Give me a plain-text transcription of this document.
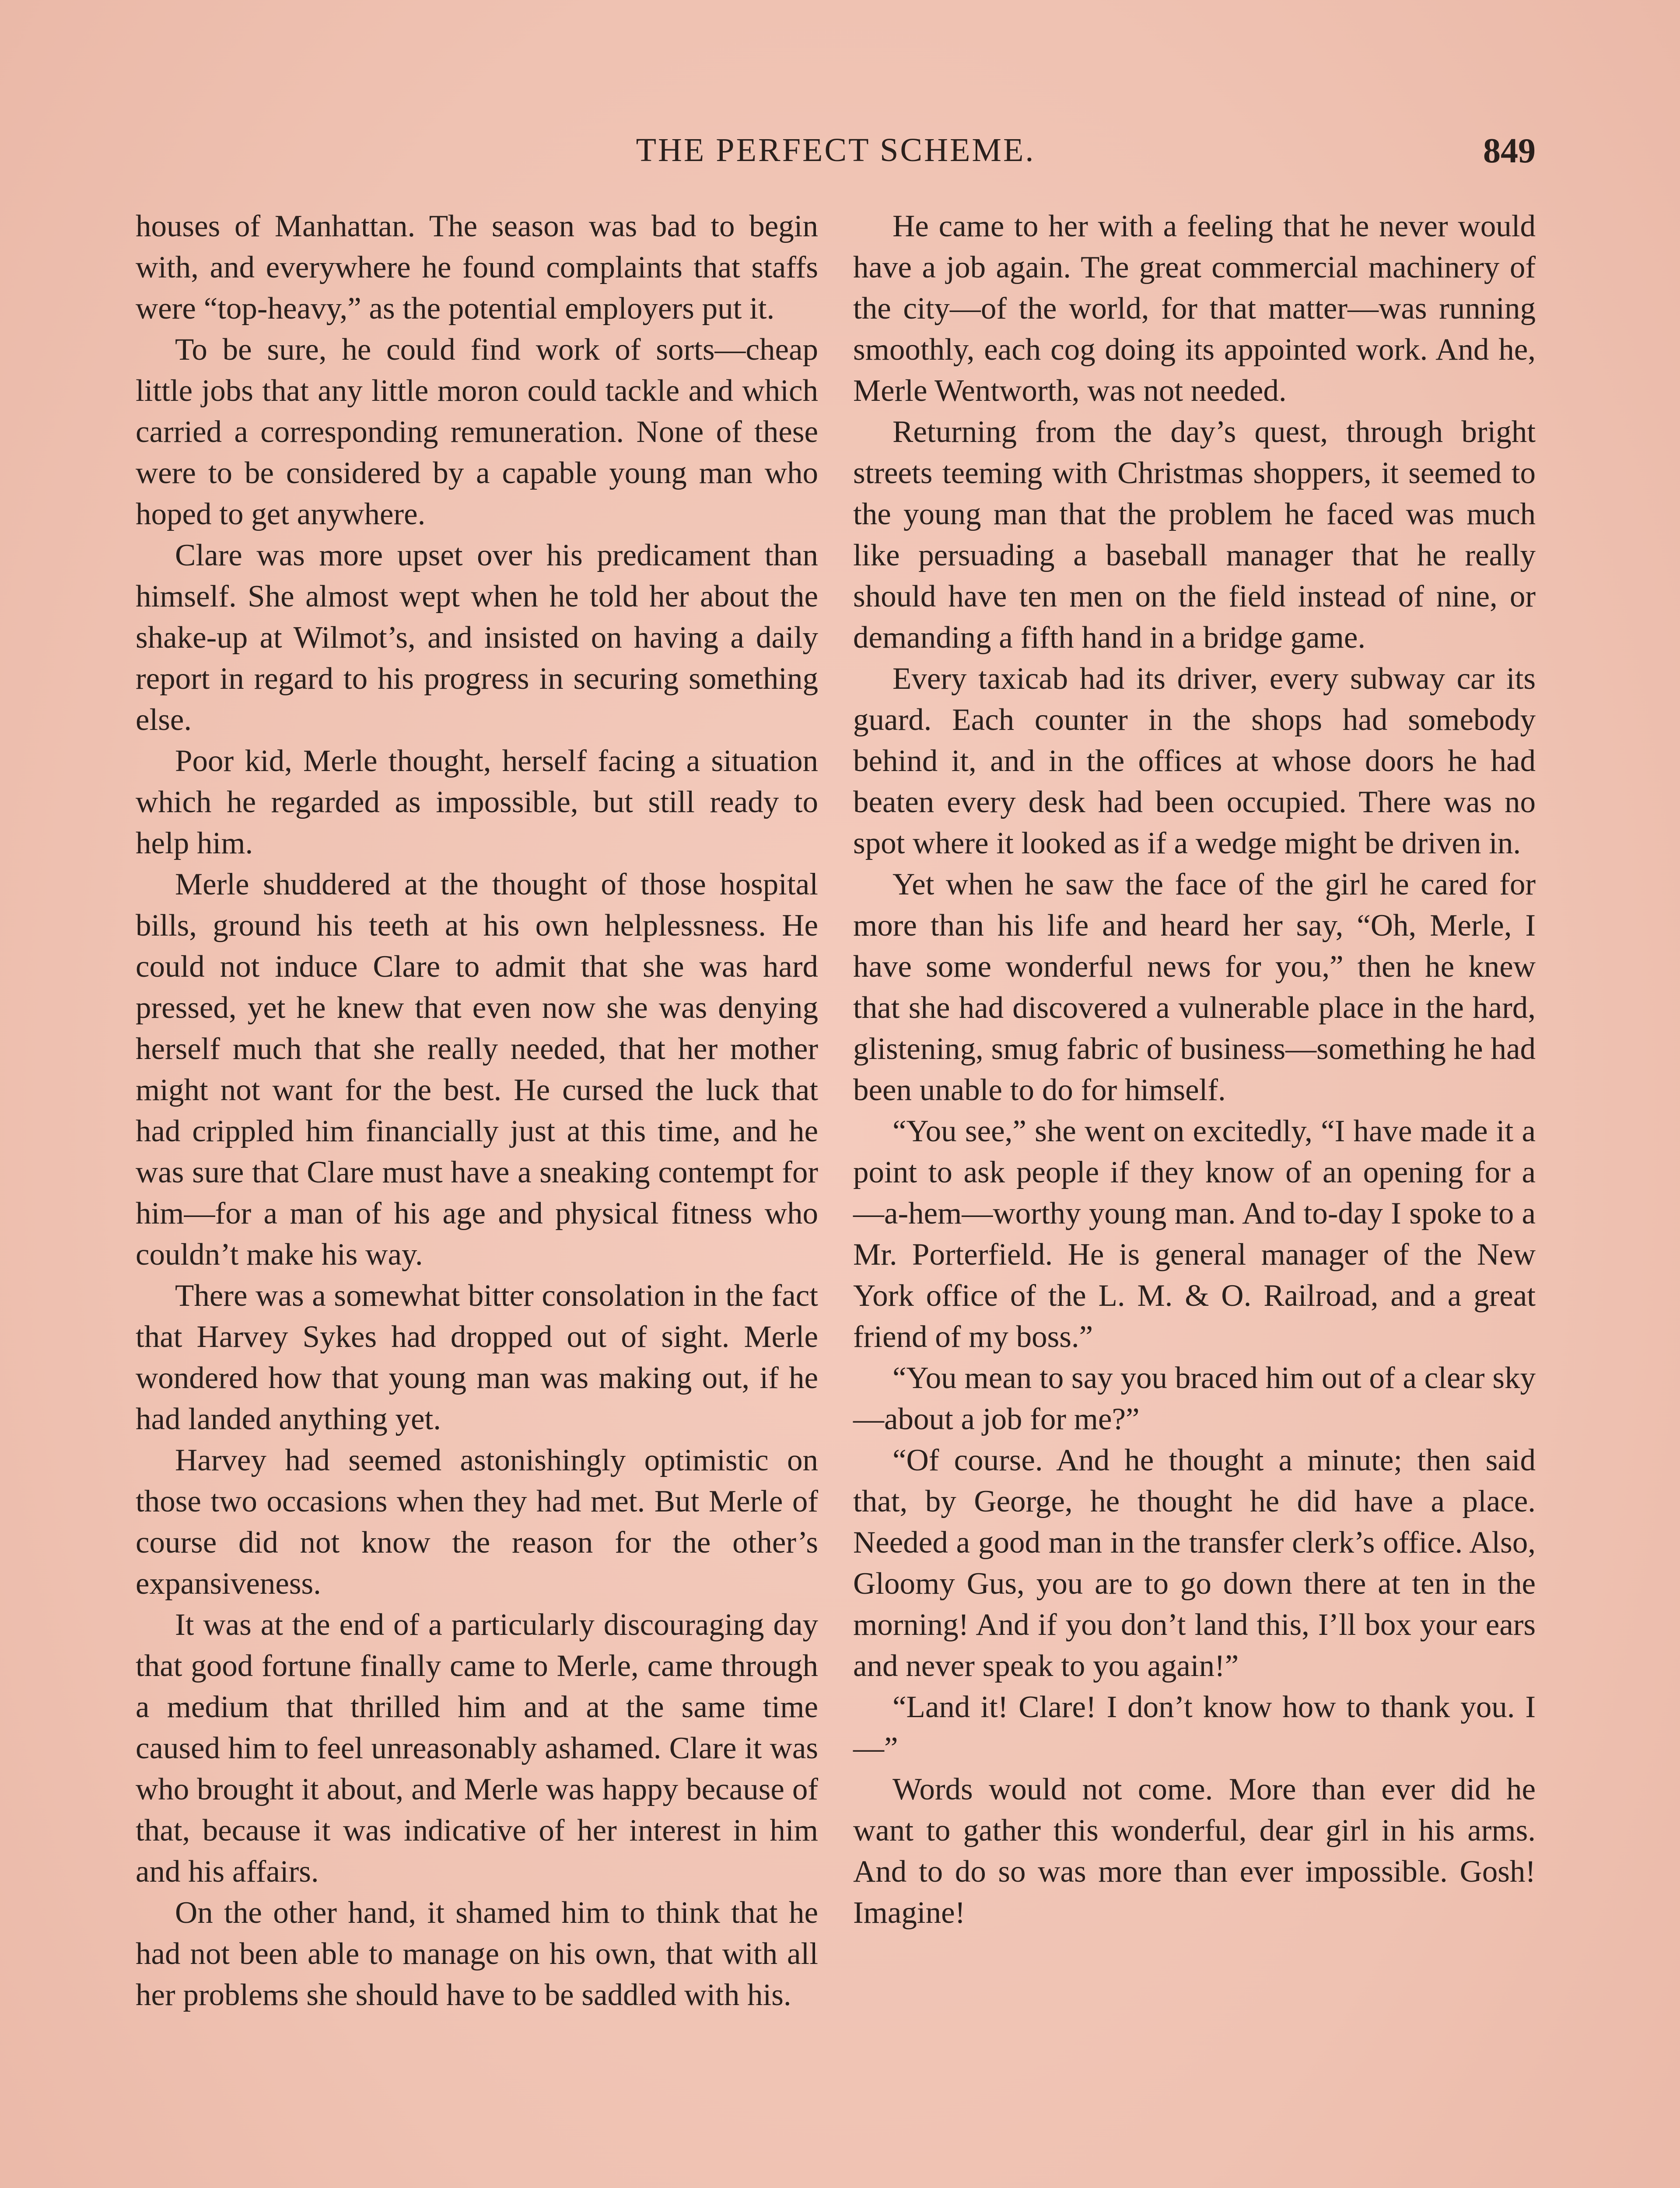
THE PERFECT SCHEME.	849

houses of Manhattan. The season was bad to begin with, and everywhere he found complaints that staffs were “top-heavy,” as the potential employers put it.

To be sure, he could find work of sorts—cheap little jobs that any little moron could tackle and which carried a corresponding remuneration. None of these were to be considered by a capable young man who hoped to get anywhere.

Clare was more upset over his predicament than himself. She almost wept when he told her about the shake-up at Wilmot’s, and insisted on having a daily report in regard to his progress in securing something else.

Poor kid, Merle thought, herself facing a situation which he regarded as impossible, but still ready to help him.

Merle shuddered at the thought of those hospital bills, ground his teeth at his own helplessness. He could not induce Clare to admit that she was hard pressed, yet he knew that even now she was denying herself much that she really needed, that her mother might not want for the best. He cursed the luck that had crippled him financially just at this time, and he was sure that Clare must have a sneaking contempt for him—for a man of his age and physical fitness who couldn’t make his way.

There was a somewhat bitter consolation in the fact that Harvey Sykes had dropped out of sight. Merle wondered how that young man was making out, if he had landed anything yet.

Harvey had seemed astonishingly optimistic on those two occasions when they had met. But Merle of course did not know the reason for the other’s expansiveness.

It was at the end of a particularly discouraging day that good fortune finally came to Merle, came through a medium that thrilled him and at the same time caused him to feel unreasonably ashamed. Clare it was who brought it about, and Merle was happy because of that, because it was indicative of her interest in him and his affairs.

On the other hand, it shamed him to think that he had not been able to manage on his own, that with all her problems she should have to be saddled with his.

He came to her with a feeling that he never would have a job again. The great commercial machinery of the city—of the world, for that matter—was running smoothly, each cog doing its appointed work. And he, Merle Wentworth, was not needed.

Returning from the day’s quest, through bright streets teeming with Christmas shoppers, it seemed to the young man that the problem he faced was much like persuading a baseball manager that he really should have ten men on the field instead of nine, or demanding a fifth hand in a bridge game.

Every taxicab had its driver, every subway car its guard. Each counter in the shops had somebody behind it, and in the offices at whose doors he had beaten every desk had been occupied. There was no spot where it looked as if a wedge might be driven in.

Yet when he saw the face of the girl he cared for more than his life and heard her say, “Oh, Merle, I have some wonderful news for you,” then he knew that she had discovered a vulnerable place in the hard, glistening, smug fabric of business—something he had been unable to do for himself.

“You see,” she went on excitedly, “I have made it a point to ask people if they know of an opening for a —a-hem—worthy young man. And to-day I spoke to a Mr. Porterfield. He is general manager of the New York office of the L. M. & O. Railroad, and a great friend of my boss.”

“You mean to say you braced him out of a clear sky—about a job for me?”

“Of course. And he thought a minute; then said that, by George, he thought he did have a place. Needed a good man in the transfer clerk’s office. Also, Gloomy Gus, you are to go down there at ten in the morning! And if you don’t land this, I’ll box your ears and never speak to you again!”

“Land it! Clare! I don’t know how to thank you. I—”

Words would not come. More than ever did he want to gather this wonderful, dear girl in his arms. And to do so was more than ever impossible. Gosh! Imagine!
